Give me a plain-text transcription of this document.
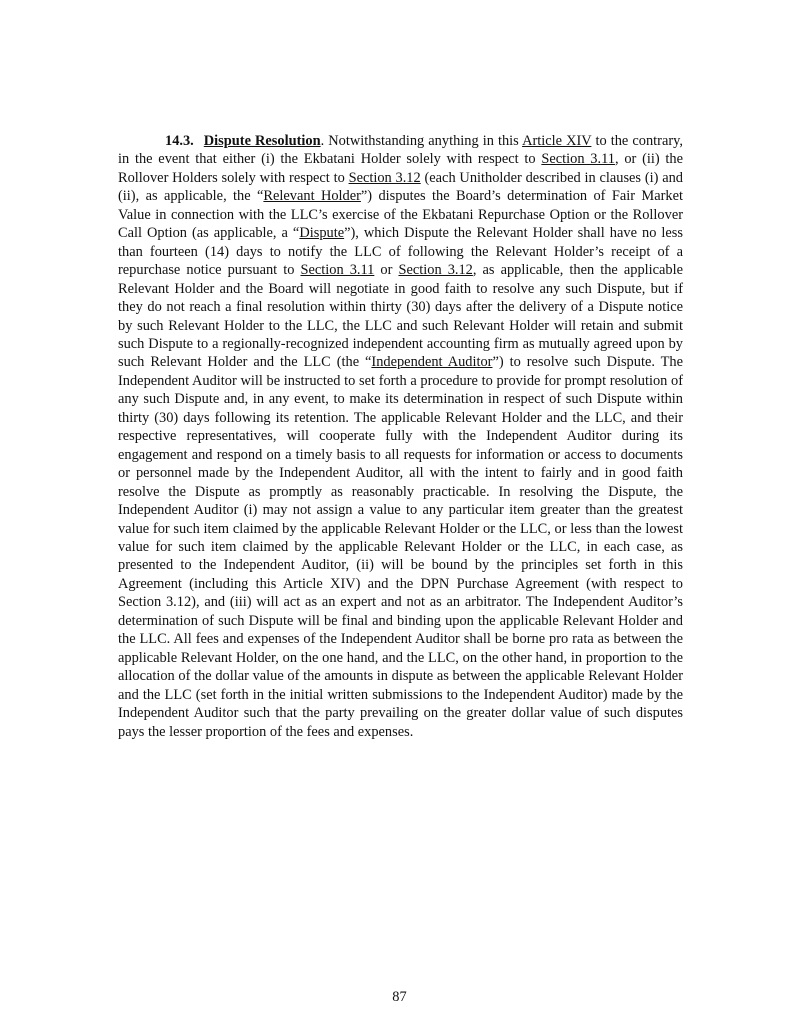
14.3. Dispute Resolution. Notwithstanding anything in this Article XIV to the contrary, in the event that either (i) the Ekbatani Holder solely with respect to Section 3.11, or (ii) the Rollover Holders solely with respect to Section 3.12 (each Unitholder described in clauses (i) and (ii), as applicable, the “Relevant Holder”) disputes the Board’s determination of Fair Market Value in connection with the LLC’s exercise of the Ekbatani Repurchase Option or the Rollover Call Option (as applicable, a “Dispute”), which Dispute the Relevant Holder shall have no less than fourteen (14) days to notify the LLC of following the Relevant Holder’s receipt of a repurchase notice pursuant to Section 3.11 or Section 3.12, as applicable, then the applicable Relevant Holder and the Board will negotiate in good faith to resolve any such Dispute, but if they do not reach a final resolution within thirty (30) days after the delivery of a Dispute notice by such Relevant Holder to the LLC, the LLC and such Relevant Holder will retain and submit such Dispute to a regionally-recognized independent accounting firm as mutually agreed upon by such Relevant Holder and the LLC (the “Independent Auditor”) to resolve such Dispute. The Independent Auditor will be instructed to set forth a procedure to provide for prompt resolution of any such Dispute and, in any event, to make its determination in respect of such Dispute within thirty (30) days following its retention. The applicable Relevant Holder and the LLC, and their respective representatives, will cooperate fully with the Independent Auditor during its engagement and respond on a timely basis to all requests for information or access to documents or personnel made by the Independent Auditor, all with the intent to fairly and in good faith resolve the Dispute as promptly as reasonably practicable. In resolving the Dispute, the Independent Auditor (i) may not assign a value to any particular item greater than the greatest value for such item claimed by the applicable Relevant Holder or the LLC, or less than the lowest value for such item claimed by the applicable Relevant Holder or the LLC, in each case, as presented to the Independent Auditor, (ii) will be bound by the principles set forth in this Agreement (including this Article XIV) and the DPN Purchase Agreement (with respect to Section 3.12), and (iii) will act as an expert and not as an arbitrator. The Independent Auditor’s determination of such Dispute will be final and binding upon the applicable Relevant Holder and the LLC. All fees and expenses of the Independent Auditor shall be borne pro rata as between the applicable Relevant Holder, on the one hand, and the LLC, on the other hand, in proportion to the allocation of the dollar value of the amounts in dispute as between the applicable Relevant Holder and the LLC (set forth in the initial written submissions to the Independent Auditor) made by the Independent Auditor such that the party prevailing on the greater dollar value of such disputes pays the lesser proportion of the fees and expenses.

87
